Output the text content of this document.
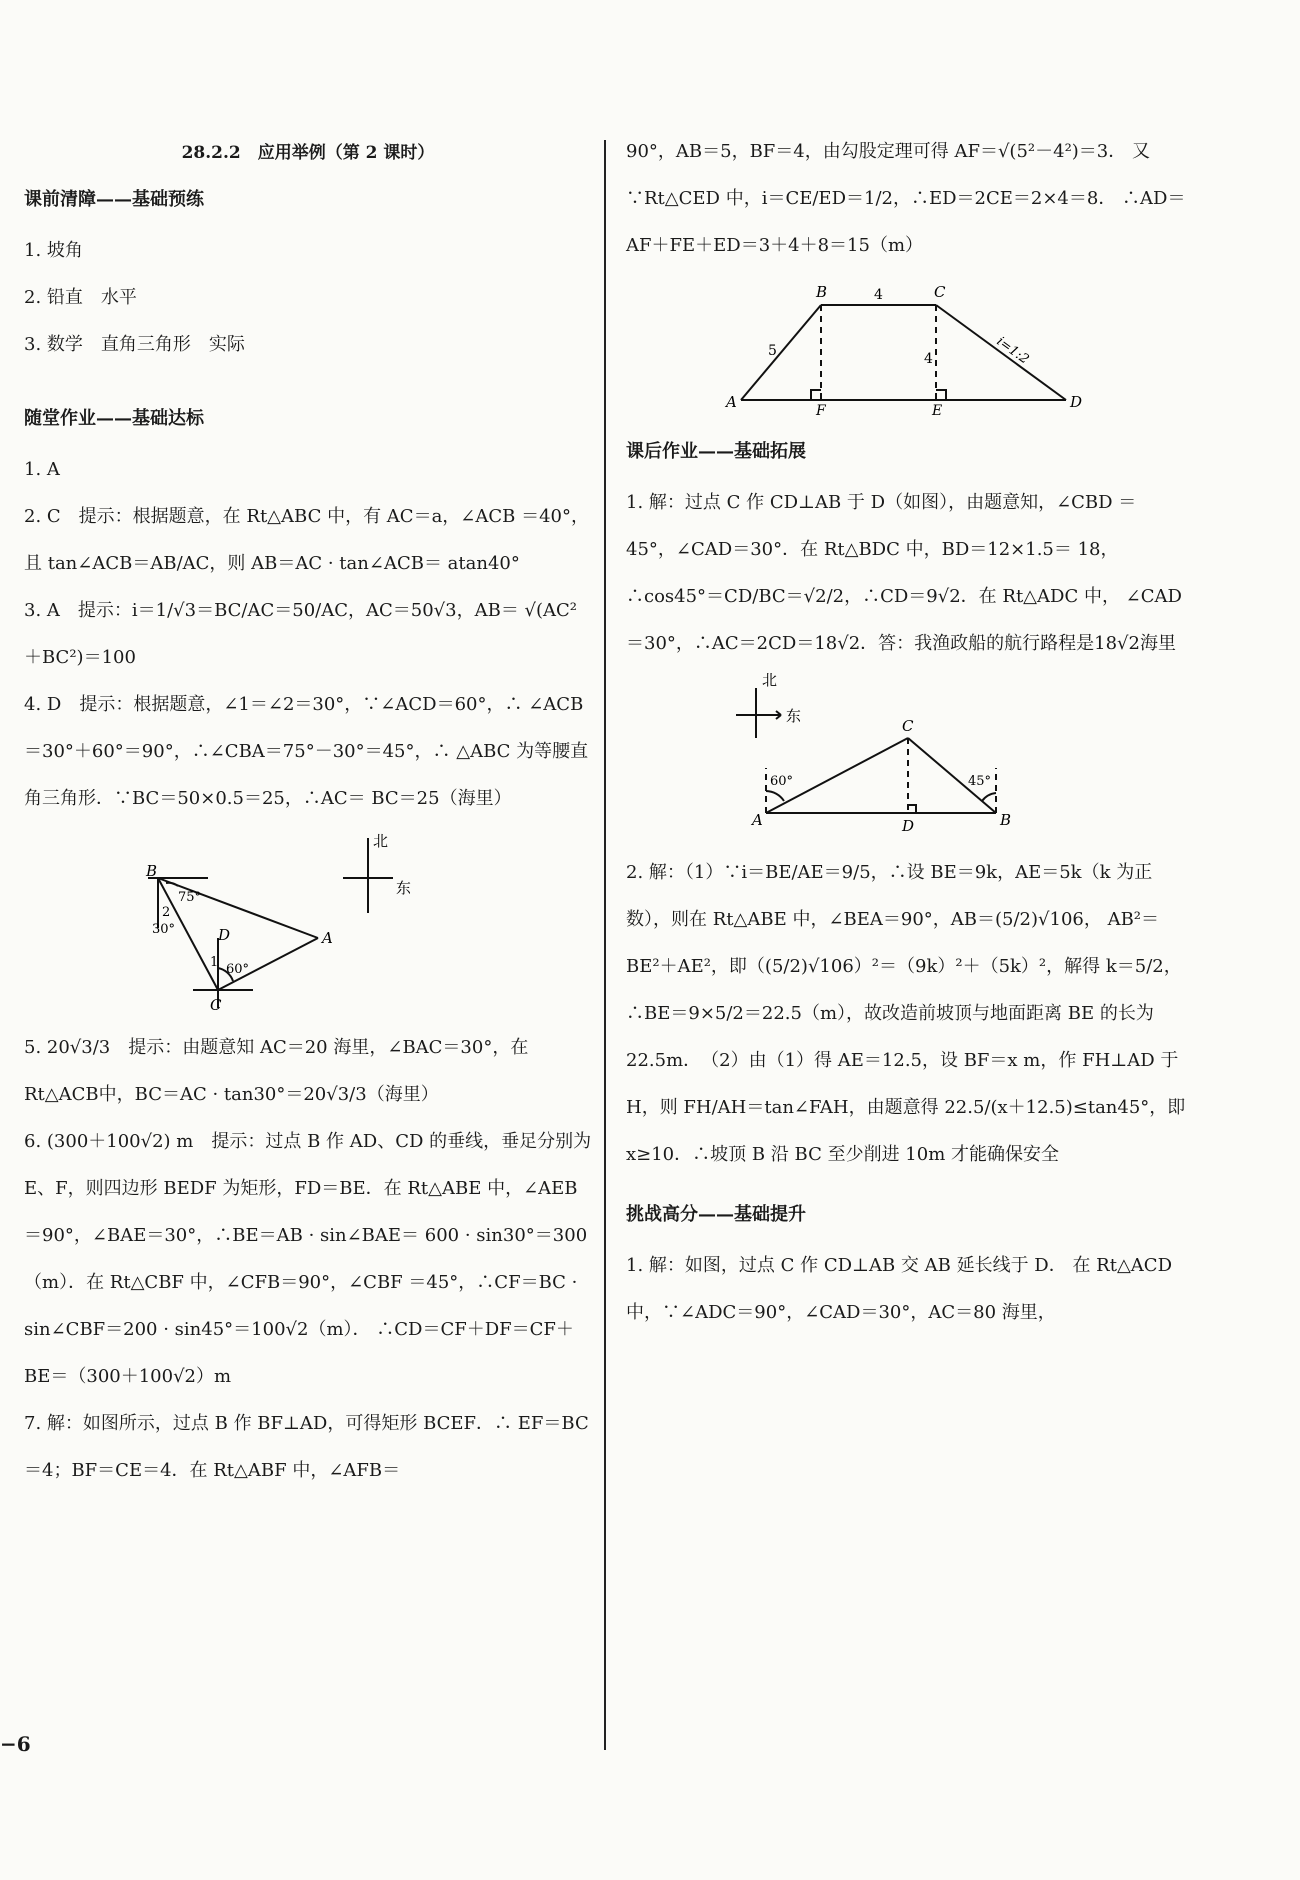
28.2.2　应用举例（第 2 课时）
课前清障——基础预练
1. 坡角
2. 铅直　水平
3. 数学　直角三角形　实际
随堂作业——基础达标
1. A
2. C　提示：根据题意，在 Rt△ABC 中，有 AC＝a，∠ACB ＝40°，且 tan∠ACB＝AB/AC，则 AB＝AC · tan∠ACB＝ atan40°
3. A　提示：i＝1/√3＝BC/AC＝50/AC，AC＝50√3，AB＝ √(AC²＋BC²)＝100
4. D　提示：根据题意，∠1＝∠2＝30°，∵∠ACD＝60°，∴ ∠ACB＝30°＋60°＝90°，∴∠CBA＝75°－30°＝45°，∴ △ABC 为等腰直角三角形．∵BC＝50×0.5＝25，∴AC＝ BC＝25（海里）
B
75°
2
30°	D
1 60°
C
A
北
东
5. 20√3/3　提示：由题意知 AC＝20 海里，∠BAC＝30°，在 Rt△ACB中，BC＝AC · tan30°＝20√3/3（海里）
6. (300＋100√2) m　提示：过点 B 作 AD、CD 的垂线，垂足分别为 E、F，则四边形 BEDF 为矩形，FD＝BE．在 Rt△ABE 中，∠AEB＝90°，∠BAE＝30°，∴BE＝AB · sin∠BAE＝ 600 · sin30°＝300（m）．在 Rt△CBF 中，∠CFB＝90°，∠CBF ＝45°，∴CF＝BC · sin∠CBF＝200 · sin45°＝100√2（m）． ∴CD＝CF＋DF＝CF＋BE＝（300＋100√2）m
7. 解：如图所示，过点 B 作 BF⊥AD，可得矩形 BCEF．∴ EF＝BC＝4；BF＝CE＝4．在 Rt△ABF 中，∠AFB＝
90°，AB＝5，BF＝4，由勾股定理可得 AF＝√(5²－4²)＝3． 又∵Rt△CED 中，i＝CE/ED＝1/2，∴ED＝2CE＝2×4＝8． ∴AD＝AF＋FE＋ED＝3＋4＋8＝15（m）
B	4	C
5	4	i=1:2
A	F	E	D
课后作业——基础拓展
1. 解：过点 C 作 CD⊥AB 于 D（如图），由题意知，∠CBD ＝45°，∠CAD＝30°．在 Rt△BDC 中，BD＝12×1.5＝ 18，∴cos45°＝CD/BC＝√2/2，∴CD＝9√2．在 Rt△ADC 中， ∠CAD＝30°，∴AC＝2CD＝18√2．答：我渔政船的航行路程是18√2海里
北
东
C
60°	45°
A	D	B
2. 解：（1）∵i＝BE/AE＝9/5，∴设 BE＝9k，AE＝5k（k 为正数），则在 Rt△ABE 中，∠BEA＝90°，AB＝(5/2)√106， AB²＝BE²＋AE²，即（(5/2)√106）²＝（9k）²＋（5k）²，解得 k＝5/2，∴BE＝9×5/2＝22.5（m），故改造前坡顶与地面距离 BE 的长为 22.5m．　（2）由（1）得 AE＝12.5，设 BF＝x m，作 FH⊥AD 于 H，则 FH/AH＝tan∠FAH，由题意得 22.5/(x＋12.5)≤tan45°，即 x≥10．∴坡顶 B 沿 BC 至少削进 10m 才能确保安全
挑战高分——基础提升
1. 解：如图，过点 C 作 CD⊥AB 交 AB 延长线于 D． 在 Rt△ACD 中，∵∠ADC＝90°，∠CAD＝30°，AC＝80 海里，
−6
